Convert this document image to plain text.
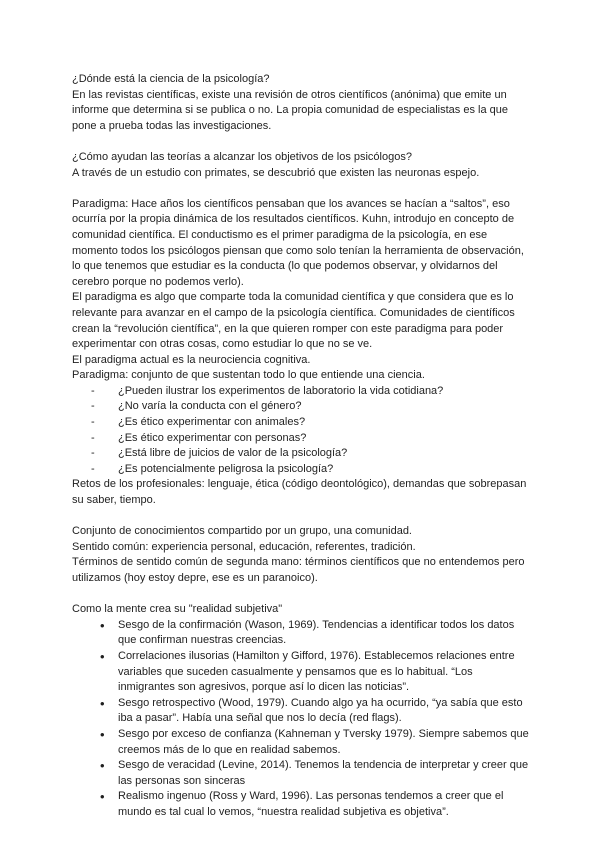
¿Dónde está la ciencia de la psicología?

En las revistas científicas, existe una revisión de otros científicos (anónima) que emite un informe que determina si se publica o no. La propia comunidad de especialistas es la que pone a prueba todas las investigaciones.

¿Cómo ayudan las teorías a alcanzar los objetivos de los psicólogos?

A través de un estudio con primates, se descubrió que existen las neuronas espejo.

Paradigma: Hace años los científicos pensaban que los avances se hacían a “saltos”, eso ocurría por la propia dinámica de los resultados científicos. Kuhn, introdujo en concepto de comunidad científica. El conductismo es el primer paradigma de la psicología, en ese momento todos los psicólogos piensan que como solo tenían la herramienta de observación, lo que tenemos que estudiar es la conducta (lo que podemos observar, y olvidarnos del cerebro porque no podemos verlo).

El paradigma es algo que comparte toda la comunidad científica y que considera que es lo relevante para avanzar en el campo de la psicología científica. Comunidades de científicos crean la “revolución científica”, en la que quieren romper con este paradigma para poder experimentar con otras cosas, como estudiar lo que no se ve.

El paradigma actual es la neurociencia cognitiva.

Paradigma: conjunto de que sustentan todo lo que entiende una ciencia.

- ¿Pueden ilustrar los experimentos de laboratorio la vida cotidiana?
- ¿No varía la conducta con el género?
- ¿Es ético experimentar con animales?
- ¿Es ético experimentar con personas?
- ¿Está libre de juicios de valor de la psicología?
- ¿Es potencialmente peligrosa la psicología?

Retos de los profesionales: lenguaje, ética (código deontológico), demandas que sobrepasan su saber, tiempo.

Conjunto de conocimientos compartido por un grupo, una comunidad.

Sentido común: experiencia personal, educación, referentes, tradición.

Términos de sentido común de segunda mano: términos científicos que no entendemos pero utilizamos (hoy estoy depre, ese es un paranoico).

Como la mente crea su "realidad subjetiva"

• Sesgo de la confirmación (Wason, 1969). Tendencias a identificar todos los datos que confirman nuestras creencias.
• Correlaciones ilusorias (Hamilton y Gifford, 1976). Establecemos relaciones entre variables que suceden casualmente y pensamos que es lo habitual. “Los inmigrantes son agresivos, porque así lo dicen las noticias”.
• Sesgo retrospectivo (Wood, 1979). Cuando algo ya ha ocurrido, “ya sabía que esto iba a pasar”. Había una señal que nos lo decía (red flags).
• Sesgo por exceso de confianza (Kahneman y Tversky 1979). Siempre sabemos que creemos más de lo que en realidad sabemos.
• Sesgo de veracidad (Levine, 2014). Tenemos la tendencia de interpretar y creer que las personas son sinceras
• Realismo ingenuo (Ross y Ward, 1996). Las personas tendemos a creer que el mundo es tal cual lo vemos, “nuestra realidad subjetiva es objetiva”.
